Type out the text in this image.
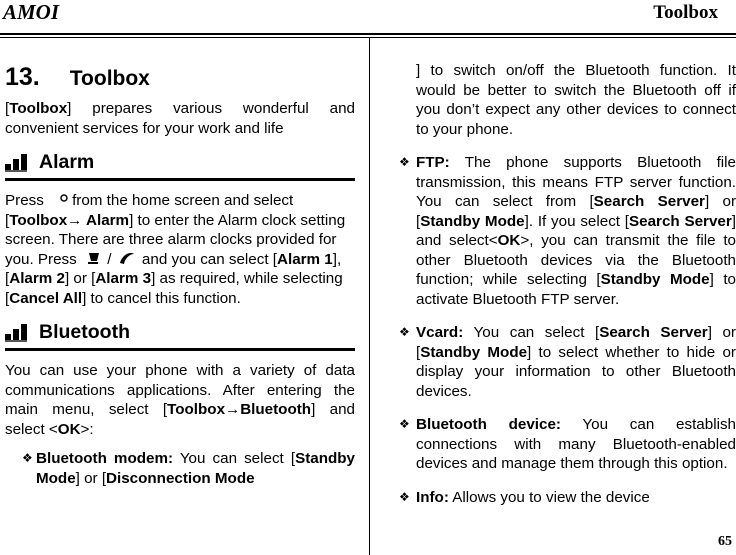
AMOI	Toolbox
13. Toolbox

[Toolbox] prepares various wonderful and convenient services for your work and life

Alarm

Press from the home screen and select [Toolbox→ Alarm] to enter the Alarm clock setting screen. There are three alarm clocks provided for you. Press / and you can select [Alarm 1], [Alarm 2] or [Alarm 3] as required, while selecting [Cancel All] to cancel this function.

Bluetooth

You can use your phone with a variety of data communications applications. After entering the main menu, select [Toolbox→Bluetooth] and select <OK>:

❖ Bluetooth modem: You can select [Standby Mode] or [Disconnection Mode

] to switch on/off the Bluetooth function. It would be better to switch the Bluetooth off if you don’t expect any other devices to connect to your phone.

❖ FTP: The phone supports Bluetooth file transmission, this means FTP server function. You can select from [Search Server] or [Standby Mode]. If you select [Search Server] and select<OK>, you can transmit the file to other Bluetooth devices via the Bluetooth function; while selecting [Standby Mode] to activate Bluetooth FTP server.
❖ Vcard: You can select [Search Server] or [Standby Mode] to select whether to hide or display your information to other Bluetooth devices.
❖ Bluetooth device: You can establish connections with many Bluetooth-enabled devices and manage them through this option.
❖ Info: Allows you to view the device
65
